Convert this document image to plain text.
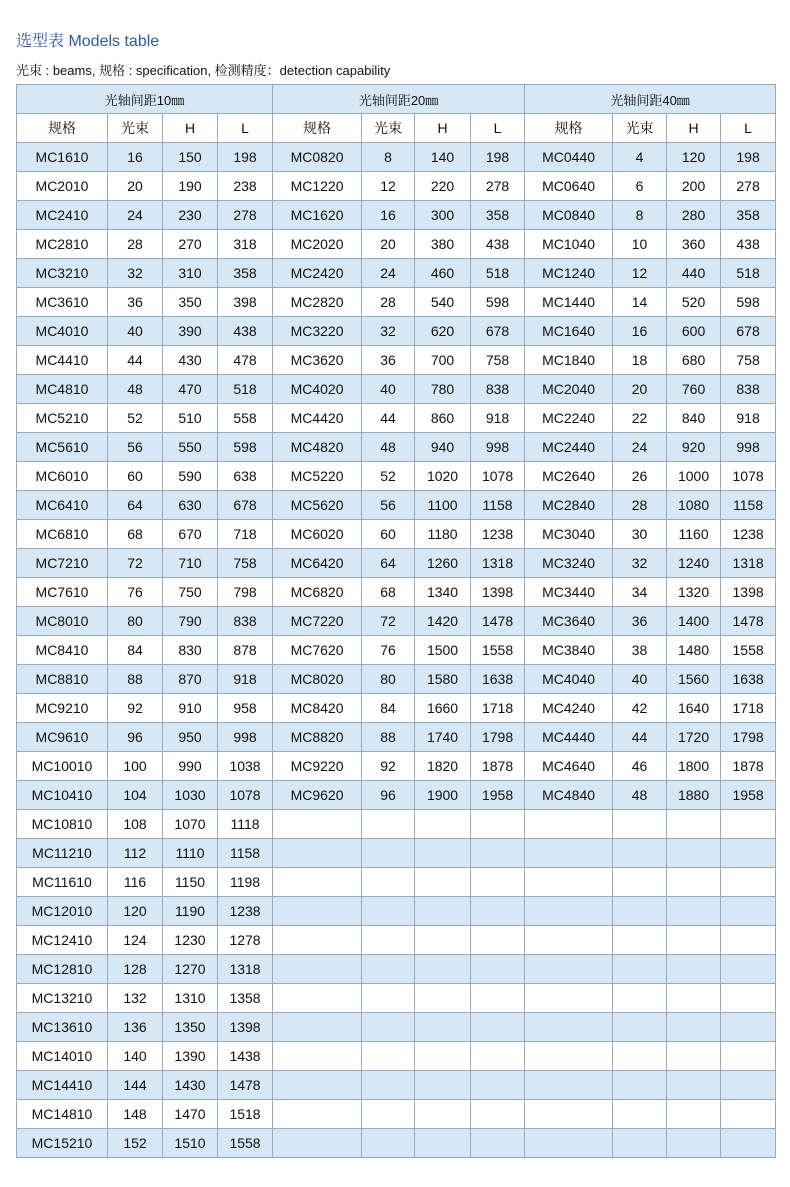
选型表 Models table
光束 : beams, 规格 : specification, 检测精度：detection capability
光轴间距10㎜				光轴间距20㎜				光轴间距40㎜			
规格	光束	H	L	规格	光束	H	L	规格	光束	H	L
MC1610	16	150	198	MC0820	8	140	198	MC0440	4	120	198
MC2010	20	190	238	MC1220	12	220	278	MC0640	6	200	278
MC2410	24	230	278	MC1620	16	300	358	MC0840	8	280	358
MC2810	28	270	318	MC2020	20	380	438	MC1040	10	360	438
MC3210	32	310	358	MC2420	24	460	518	MC1240	12	440	518
MC3610	36	350	398	MC2820	28	540	598	MC1440	14	520	598
MC4010	40	390	438	MC3220	32	620	678	MC1640	16	600	678
MC4410	44	430	478	MC3620	36	700	758	MC1840	18	680	758
MC4810	48	470	518	MC4020	40	780	838	MC2040	20	760	838
MC5210	52	510	558	MC4420	44	860	918	MC2240	22	840	918
MC5610	56	550	598	MC4820	48	940	998	MC2440	24	920	998
MC6010	60	590	638	MC5220	52	1020	1078	MC2640	26	1000	1078
MC6410	64	630	678	MC5620	56	1100	1158	MC2840	28	1080	1158
MC6810	68	670	718	MC6020	60	1180	1238	MC3040	30	1160	1238
MC7210	72	710	758	MC6420	64	1260	1318	MC3240	32	1240	1318
MC7610	76	750	798	MC6820	68	1340	1398	MC3440	34	1320	1398
MC8010	80	790	838	MC7220	72	1420	1478	MC3640	36	1400	1478
MC8410	84	830	878	MC7620	76	1500	1558	MC3840	38	1480	1558
MC8810	88	870	918	MC8020	80	1580	1638	MC4040	40	1560	1638
MC9210	92	910	958	MC8420	84	1660	1718	MC4240	42	1640	1718
MC9610	96	950	998	MC8820	88	1740	1798	MC4440	44	1720	1798
MC10010	100	990	1038	MC9220	92	1820	1878	MC4640	46	1800	1878
MC10410	104	1030	1078	MC9620	96	1900	1958	MC4840	48	1880	1958
MC10810	108	1070	1118								
MC11210	112	1110	1158								
MC11610	116	1150	1198								
MC12010	120	1190	1238								
MC12410	124	1230	1278								
MC12810	128	1270	1318								
MC13210	132	1310	1358								
MC13610	136	1350	1398								
MC14010	140	1390	1438								
MC14410	144	1430	1478								
MC14810	148	1470	1518								
MC15210	152	1510	1558								
